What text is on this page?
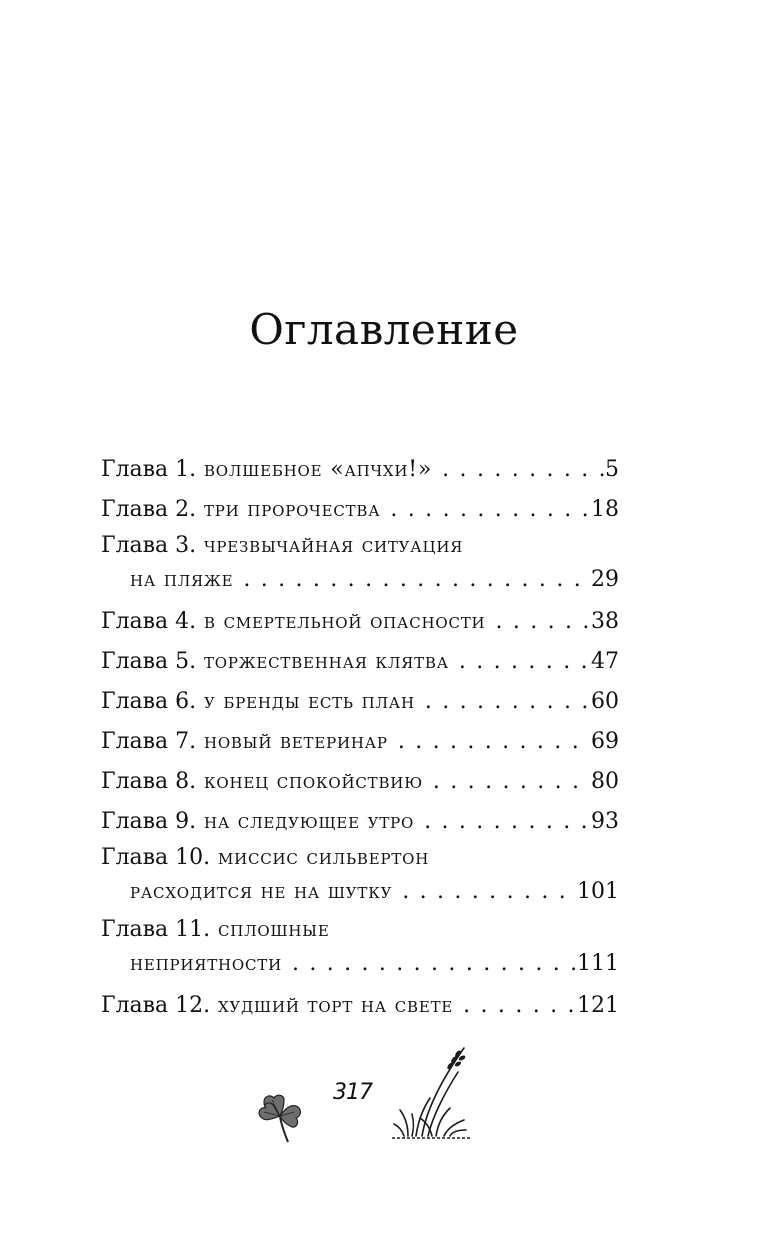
Оглавление
Глава 1. волшебное «апчхи!» . . .	5
Глава 2. три пророчества . . .	18
Глава 3. чрезвычайная ситуация
на пляже . . .	29
Глава 4. в смертельной опасности . . .	38
Глава 5. торжественная клятва . . .	47
Глава 6. у бренды есть план . . .	60
Глава 7. новый ветеринар . . .	69
Глава 8. конец спокойствию . . .	80
Глава 9. на следующее утро . . .	93
Глава 10. миссис сильвертон
расходится не на шутку . . .	101
Глава 11. сплошные
неприятности . . .	111
Глава 12. худший торт на свете . . .	121
317
